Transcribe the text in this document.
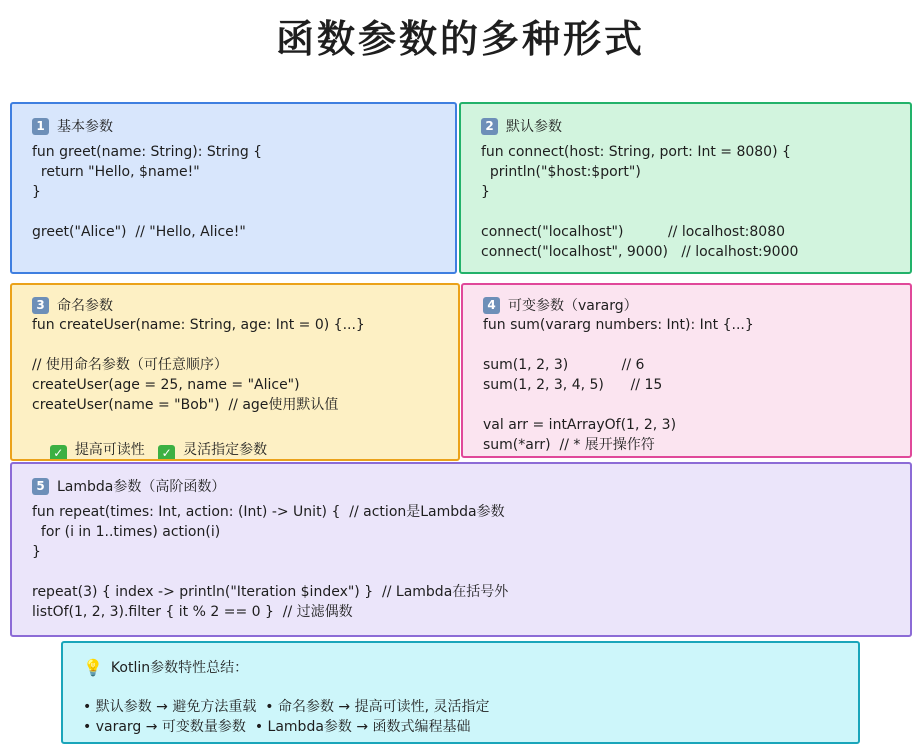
函数参数的多种形式
1 基本参数
fun greet(name: String): String {
return "Hello, $name!"
}

greet("Alice")  // "Hello, Alice!"
2 默认参数
fun connect(host: String, port: Int = 8080) {
println("$host:$port")
}

connect("localhost")          // localhost:8080
connect("localhost", 9000)   // localhost:9000
3 命名参数
fun createUser(name: String, age: Int = 0) {...}

// 使用命名参数（可任意顺序）
createUser(age = 25, name = "Alice")
createUser(name = "Bob")  // age使用默认值

✓ 提高可读性 ✓ 灵活指定参数

4 可变参数（vararg）
fun sum(vararg numbers: Int): Int {...}

sum(1, 2, 3)            // 6
sum(1, 2, 3, 4, 5)      // 15

val arr = intArrayOf(1, 2, 3)
sum(*arr)  // * 展开操作符
5 Lambda参数（高阶函数）
fun repeat(times: Int, action: (Int) -> Unit) {  // action是Lambda参数
for (i in 1..times) action(i)
}

repeat(3) { index -> println("Iteration $index") }  // Lambda在括号外
listOf(1, 2, 3).filter { it % 2 == 0 }  // 过滤偶数
💡 Kotlin参数特性总结：
• 默认参数 → 避免方法重载  • 命名参数 → 提高可读性, 灵活指定
• vararg → 可变数量参数  • Lambda参数 → 函数式编程基础
